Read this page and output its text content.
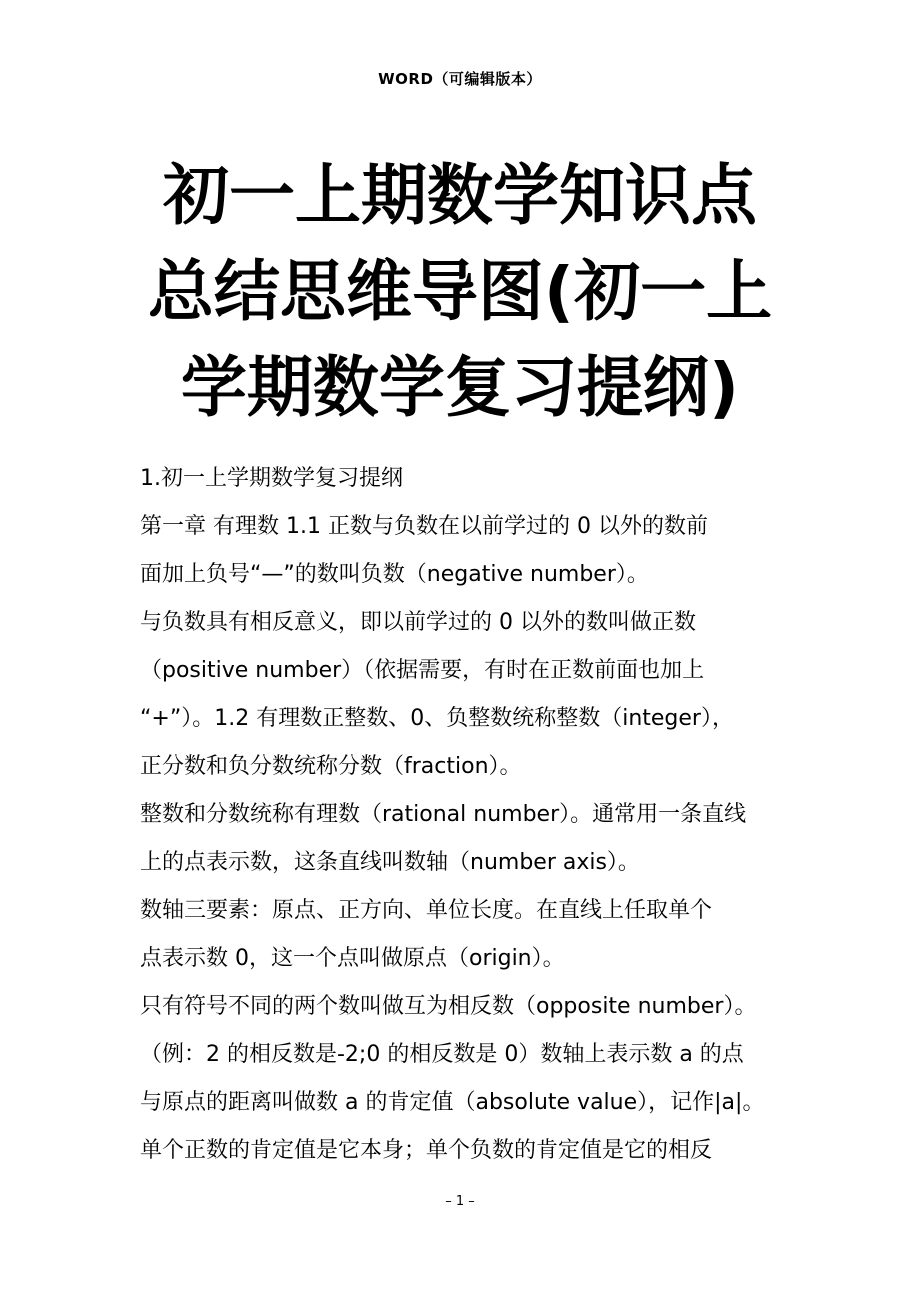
WORD（可编辑版本）
初一上期数学知识点
总结思维导图(初一上
学期数学复习提纲)
1.初一上学期数学复习提纲
第一章 有理数 1.1 正数与负数在以前学过的 0 以外的数前
面加上负号“—”的数叫负数（negative number）。
与负数具有相反意义，即以前学过的 0 以外的数叫做正数
（positive number）（依据需要，有时在正数前面也加上
“+”）。1.2 有理数正整数、0、负整数统称整数（integer），
正分数和负分数统称分数（fraction）。
整数和分数统称有理数（rational number）。通常用一条直线
上的点表示数，这条直线叫数轴（number axis）。
数轴三要素：原点、正方向、单位长度。在直线上任取单个
点表示数 0，这一个点叫做原点（origin）。
只有符号不同的两个数叫做互为相反数（opposite number）。
（例：2 的相反数是-2;0 的相反数是 0）数轴上表示数 a 的点
与原点的距离叫做数 a 的肯定值（absolute value），记作|a|。
单个正数的肯定值是它本身；单个负数的肯定值是它的相反
– 1 –
